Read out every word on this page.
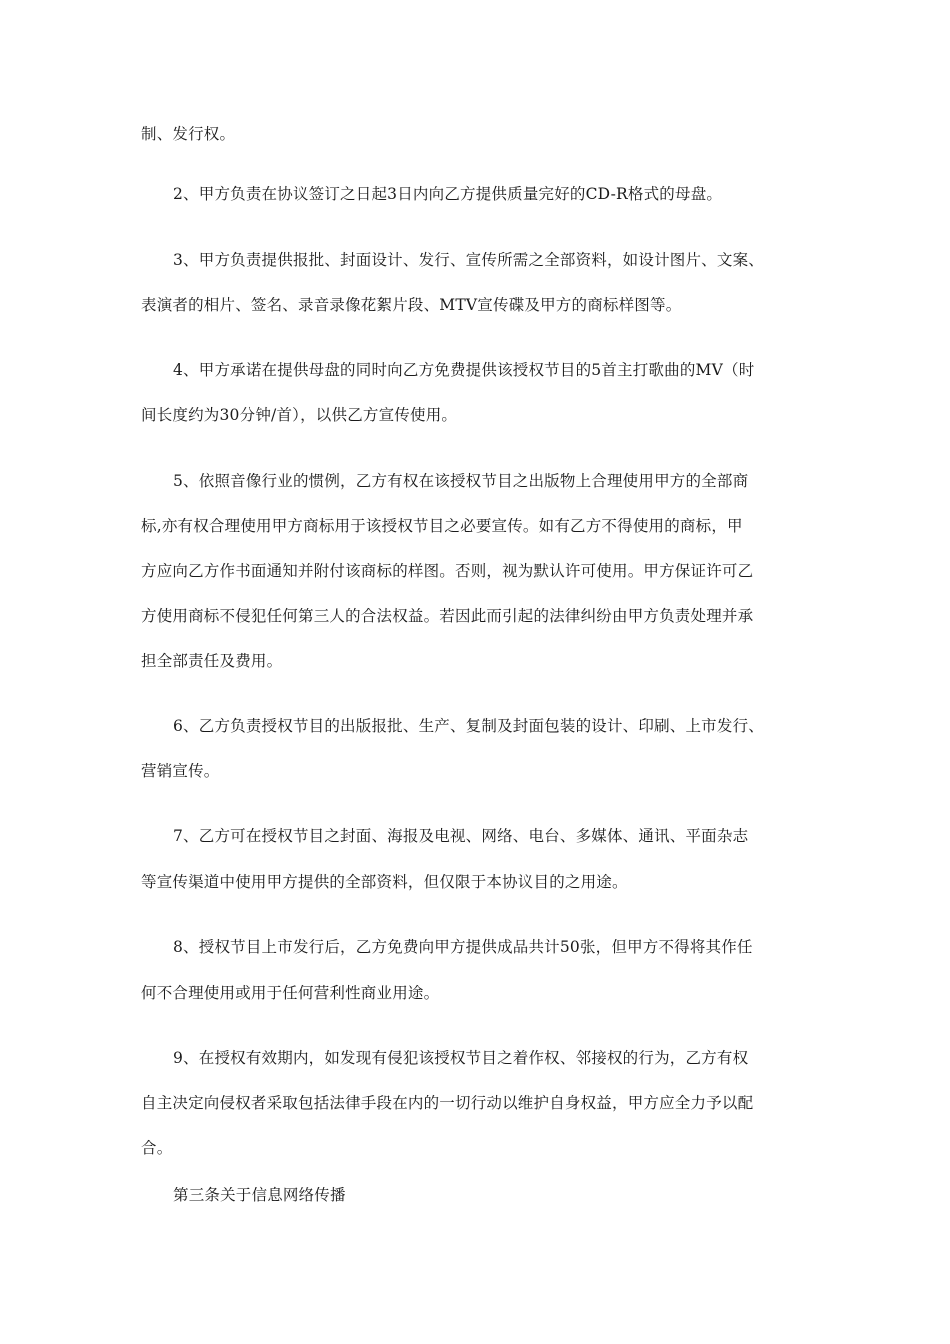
制、发行权。
2、甲方负责在协议签订之日起3日内向乙方提供质量完好的CD-R格式的母盘。
3、甲方负责提供报批、封面设计、发行、宣传所需之全部资料，如设计图片、文案、
表演者的相片、签名、录音录像花絮片段、MTV宣传碟及甲方的商标样图等。
4、甲方承诺在提供母盘的同时向乙方免费提供该授权节目的5首主打歌曲的MV（时
间长度约为30分钟/首），以供乙方宣传使用。
5、依照音像行业的惯例，乙方有权在该授权节目之出版物上合理使用甲方的全部商
标,亦有权合理使用甲方商标用于该授权节目之必要宣传。如有乙方不得使用的商标，甲
方应向乙方作书面通知并附付该商标的样图。否则，视为默认许可使用。甲方保证许可乙
方使用商标不侵犯任何第三人的合法权益。若因此而引起的法律纠纷由甲方负责处理并承
担全部责任及费用。
6、乙方负责授权节目的出版报批、生产、复制及封面包装的设计、印刷、上市发行、
营销宣传。
7、乙方可在授权节目之封面、海报及电视、网络、电台、多媒体、通讯、平面杂志
等宣传渠道中使用甲方提供的全部资料，但仅限于本协议目的之用途。
8、授权节目上市发行后，乙方免费向甲方提供成品共计50张，但甲方不得将其作任
何不合理使用或用于任何营利性商业用途。
9、在授权有效期内，如发现有侵犯该授权节目之着作权、邻接权的行为，乙方有权
自主决定向侵权者采取包括法律手段在内的一切行动以维护自身权益，甲方应全力予以配
合。
第三条关于信息网络传播
